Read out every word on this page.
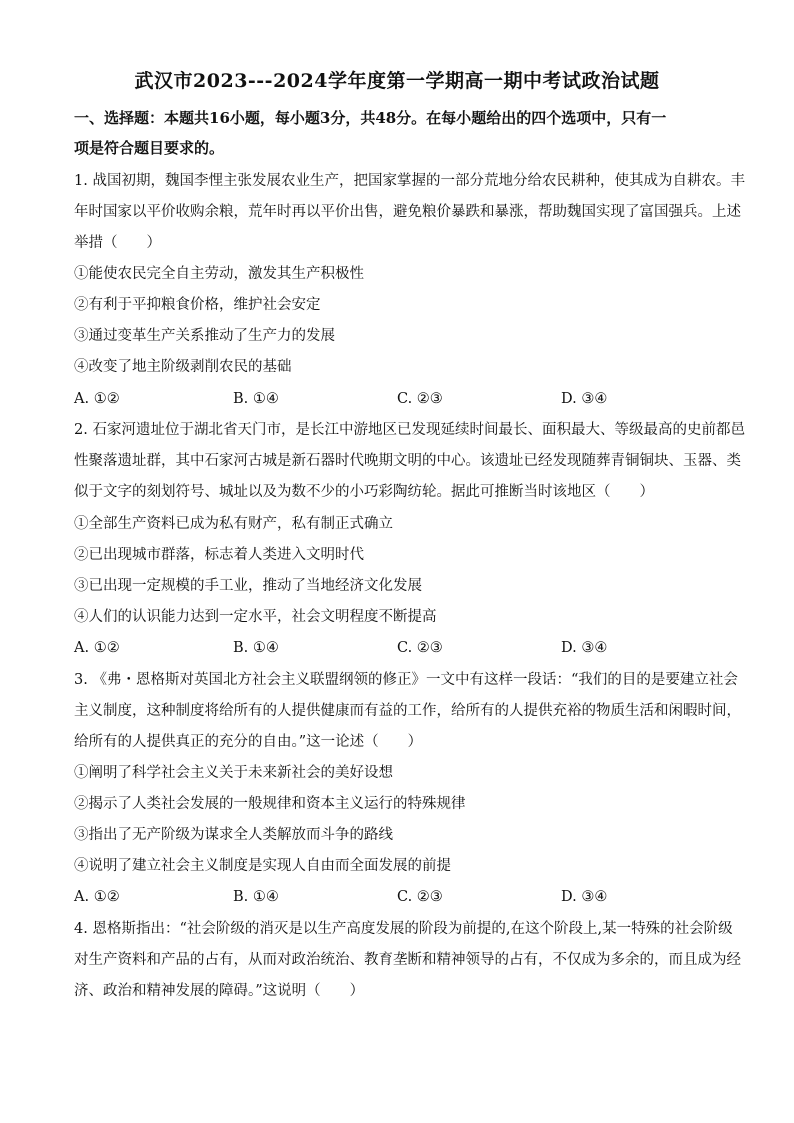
武汉市2023---2024学年度第一学期高一期中考试政治试题
一、选择题：本题共16小题，每小题3分，共48分。在每小题给出的四个选项中，只有一
项是符合题目要求的。
1. 战国初期，魏国李悝主张发展农业生产，把国家掌握的一部分荒地分给农民耕种，使其成为自耕农。丰
年时国家以平价收购余粮，荒年时再以平价出售，避免粮价暴跌和暴涨，帮助魏国实现了富国强兵。上述
举措（　　）
①能使农民完全自主劳动，激发其生产积极性
②有利于平抑粮食价格，维护社会安定
③通过变革生产关系推动了生产力的发展
④改变了地主阶级剥削农民的基础
A. ①②	B. ①④	C. ②③	D. ③④
2. 石家河遗址位于湖北省天门市，是长江中游地区已发现延续时间最长、面积最大、等级最高的史前都邑
性聚落遗址群，其中石家河古城是新石器时代晚期文明的中心。该遗址已经发现随葬青铜铜块、玉器、类
似于文字的刻划符号、城址以及为数不少的小巧彩陶纺轮。据此可推断当时该地区（　　）
①全部生产资料已成为私有财产，私有制正式确立
②已出现城市群落，标志着人类进入文明时代
③已出现一定规模的手工业，推动了当地经济文化发展
④人们的认识能力达到一定水平，社会文明程度不断提高
A. ①②	B. ①④	C. ②③	D. ③④
3. 《弗・恩格斯对英国北方社会主义联盟纲领的修正》一文中有这样一段话：“我们的目的是要建立社会
主义制度，这种制度将给所有的人提供健康而有益的工作，给所有的人提供充裕的物质生活和闲暇时间，
给所有的人提供真正的充分的自由。”这一论述（　　）
①阐明了科学社会主义关于未来新社会的美好设想
②揭示了人类社会发展的一般规律和资本主义运行的特殊规律
③指出了无产阶级为谋求全人类解放而斗争的路线
④说明了建立社会主义制度是实现人自由而全面发展的前提
A. ①②	B. ①④	C. ②③	D. ③④
4. 恩格斯指出：“社会阶级的消灭是以生产高度发展的阶段为前提的,在这个阶段上,某一特殊的社会阶级
对生产资料和产品的占有，从而对政治统治、教育垄断和精神领导的占有，不仅成为多余的，而且成为经
济、政治和精神发展的障碍。”这说明（　　）
